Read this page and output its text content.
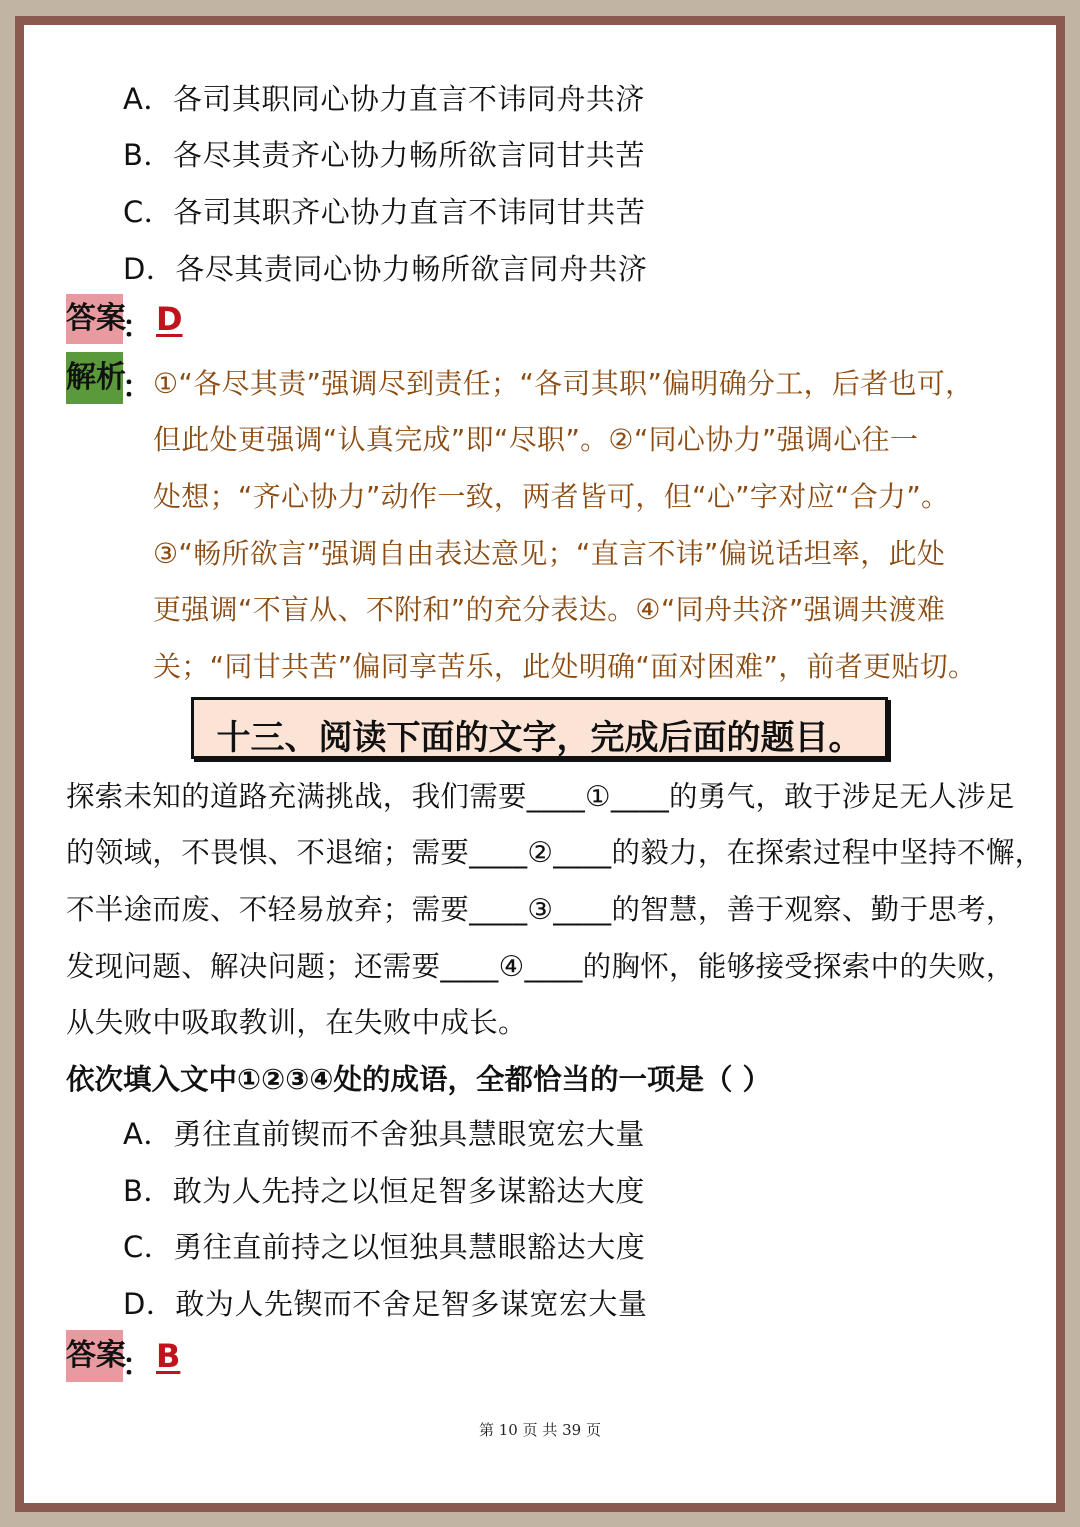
A．各司其职同心协力直言不讳同舟共济
B．各尽其责齐心协力畅所欲言同甘共苦
C．各司其职齐心协力直言不讳同甘共苦
D．各尽其责同心协力畅所欲言同舟共济
答案
： D
解析
： ①“各尽其责”强调尽到责任；“各司其职”偏明确分工，后者也可，
但此处更强调“认真完成”即“尽职”。②“同心协力”强调心往一
处想；“齐心协力”动作一致，两者皆可，但“心”字对应“合力”。
③“畅所欲言”强调自由表达意见；“直言不讳”偏说话坦率，此处
更强调“不盲从、不附和”的充分表达。④“同舟共济”强调共渡难
关；“同甘共苦”偏同享苦乐，此处明确“面对困难”，前者更贴切。
十三、阅读下面的文字，完成后面的题目。
探索未知的道路充满挑战，我们需要____①____的勇气，敢于涉足无人涉足
的领域，不畏惧、不退缩；需要____②____的毅力，在探索过程中坚持不懈，
不半途而废、不轻易放弃；需要____③____的智慧，善于观察、勤于思考，
发现问题、解决问题；还需要____④____的胸怀，能够接受探索中的失败，
从失败中吸取教训，在失败中成长。
依次填入文中①②③④处的成语，全都恰当的一项是（ ）
A．勇往直前锲而不舍独具慧眼宽宏大量
B．敢为人先持之以恒足智多谋豁达大度
C．勇往直前持之以恒独具慧眼豁达大度
D．敢为人先锲而不舍足智多谋宽宏大量
答案
： B
第 10 页 共 39 页
